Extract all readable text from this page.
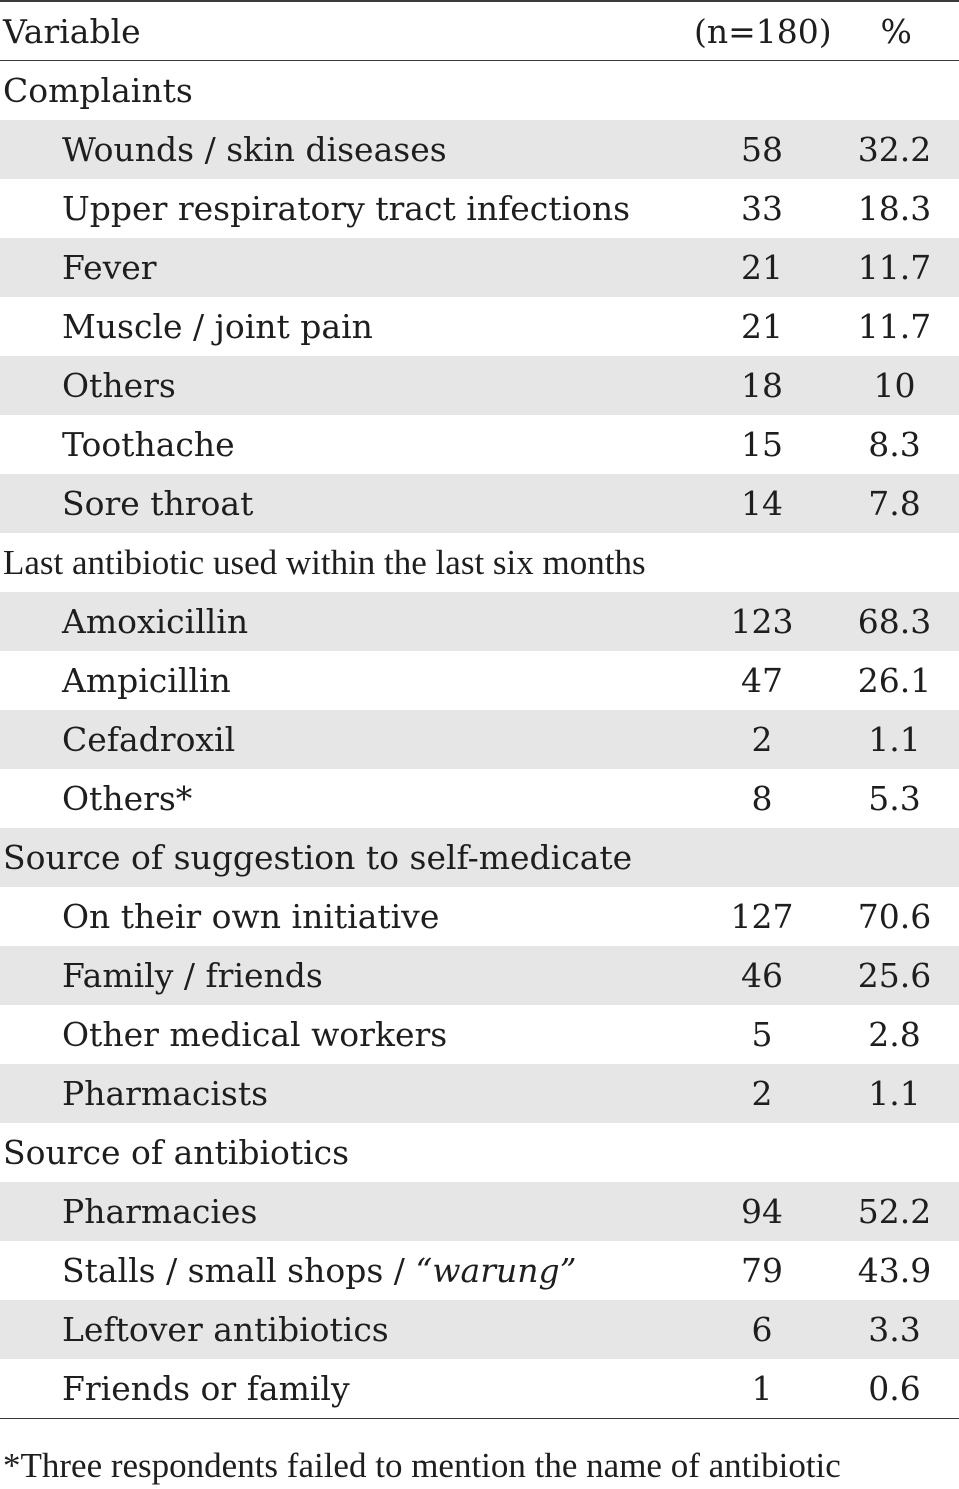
Variable	(n=180)	%
Complaints
Wounds / skin diseases	58	32.2
Upper respiratory tract infections	33	18.3
Fever	21	11.7
Muscle / joint pain	21	11.7
Others	18	10
Toothache	15	8.3
Sore throat	14	7.8
Last antibiotic used within the last six months
Amoxicillin	123	68.3
Ampicillin	47	26.1
Cefadroxil	2	1.1
Others*	8	5.3
Source of suggestion to self-medicate
On their own initiative	127	70.6
Family / friends	46	25.6
Other medical workers	5	2.8
Pharmacists	2	1.1
Source of antibiotics
Pharmacies	94	52.2
Stalls / small shops / “warung”	79	43.9
Leftover antibiotics	6	3.3
Friends or family	1	0.6
*Three respondents failed to mention the name of antibiotic
